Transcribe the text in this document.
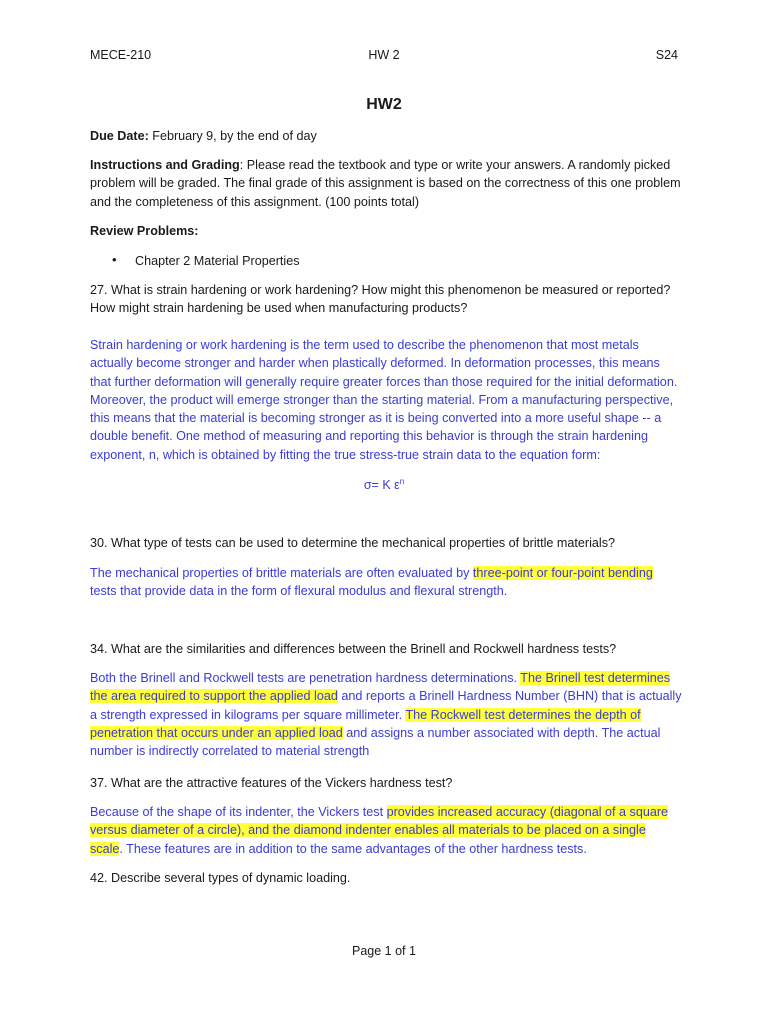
MECE-210	HW 2	S24
HW2
Due Date: February 9, by the end of day
Instructions and Grading: Please read the textbook and type or write your answers. A randomly picked problem will be graded. The final grade of this assignment is based on the correctness of this one problem and the completeness of this assignment. (100 points total)
Review Problems:
• Chapter 2 Material Properties
27. What is strain hardening or work hardening? How might this phenomenon be measured or reported? How might strain hardening be used when manufacturing products?
Strain hardening or work hardening is the term used to describe the phenomenon that most metals actually become stronger and harder when plastically deformed. In deformation processes, this means that further deformation will generally require greater forces than those required for the initial deformation. Moreover, the product will emerge stronger than the starting material. From a manufacturing perspective, this means that the material is becoming stronger as it is being converted into a more useful shape -- a double benefit. One method of measuring and reporting this behavior is through the strain hardening exponent, n, which is obtained by fitting the true stress-true strain data to the equation form:
σ= K $\varepsilon^n$
30. What type of tests can be used to determine the mechanical properties of brittle materials?
The mechanical properties of brittle materials are often evaluated by three-point or four-point bending tests that provide data in the form of flexural modulus and flexural strength.
34. What are the similarities and differences between the Brinell and Rockwell hardness tests?
Both the Brinell and Rockwell tests are penetration hardness determinations. The Brinell test determines the area required to support the applied load and reports a Brinell Hardness Number (BHN) that is actually a strength expressed in kilograms per square millimeter. The Rockwell test determines the depth of penetration that occurs under an applied load and assigns a number associated with depth. The actual number is indirectly correlated to material strength
37. What are the attractive features of the Vickers hardness test?
Because of the shape of its indenter, the Vickers test provides increased accuracy (diagonal of a square versus diameter of a circle), and the diamond indenter enables all materials to be placed on a single scale. These features are in addition to the same advantages of the other hardness tests.
42. Describe several types of dynamic loading.
Page 1 of 1
